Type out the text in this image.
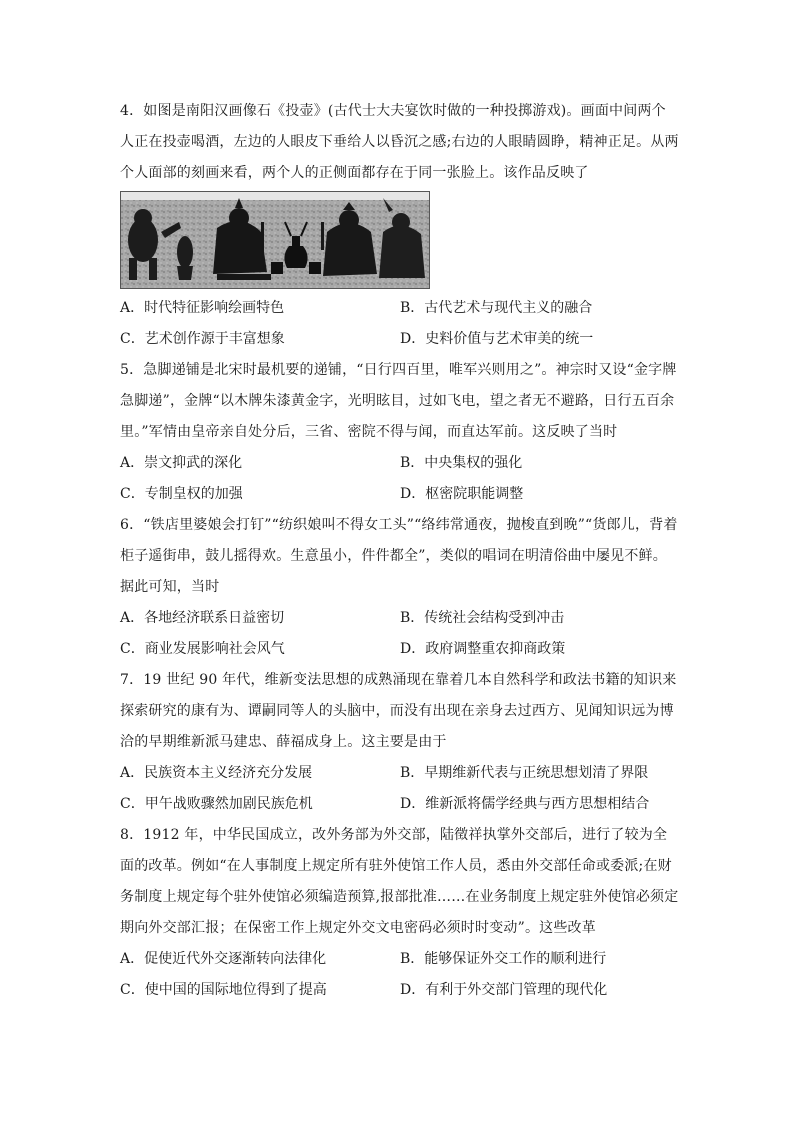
4．如图是南阳汉画像石《投壶》(古代士大夫宴饮时做的一种投掷游戏)。画面中间两个人正在投壶喝酒，左边的人眼皮下垂给人以昏沉之感;右边的人眼睛圆睁，精神正足。从两个人面部的刻画来看，两个人的正侧面都存在于同一张脸上。该作品反映了

A．时代特征影响绘画特色	B．古代艺术与现代主义的融合
C．艺术创作源于丰富想象	D．史料价值与艺术审美的统一

5．急脚递铺是北宋时最机要的递铺，“日行四百里，唯军兴则用之”。神宗时又设“金字牌急脚递”，金牌“以木牌朱漆黄金字，光明眩目，过如飞电，望之者无不避路，日行五百余里。”军情由皇帝亲自处分后，三省、密院不得与闻，而直达军前。这反映了当时

A．崇文抑武的深化	B．中央集权的强化
C．专制皇权的加强	D．枢密院职能调整

6．“铁店里婆娘会打钉”“纺织娘叫不得女工头”“络纬常通夜，抛梭直到晚”“货郎儿，背着柜子遥街串，鼓儿摇得欢。生意虽小，件件都全”，类似的唱词在明清俗曲中屡见不鲜。据此可知，当时

A．各地经济联系日益密切	B．传统社会结构受到冲击
C．商业发展影响社会风气	D．政府调整重农抑商政策

7．19 世纪 90 年代，维新变法思想的成熟涌现在靠着几本自然科学和政法书籍的知识来探索研究的康有为、谭嗣同等人的头脑中，而没有出现在亲身去过西方、见闻知识远为博洽的早期维新派马建忠、薛福成身上。这主要是由于

A．民族资本主义经济充分发展	B．早期维新代表与正统思想划清了界限
C．甲午战败骤然加剧民族危机	D．维新派将儒学经典与西方思想相结合

8．1912 年，中华民国成立，改外务部为外交部，陆徵祥执掌外交部后，进行了较为全面的改革。例如“在人事制度上规定所有驻外使馆工作人员，悉由外交部任命或委派;在财务制度上规定每个驻外使馆必须编造预算,报部批准……在业务制度上规定驻外使馆必须定期向外交部汇报；在保密工作上规定外交文电密码必须时时变动”。这些改革

A．促使近代外交逐渐转向法律化	B．能够保证外交工作的顺利进行
C．使中国的国际地位得到了提高	D．有利于外交部门管理的现代化
